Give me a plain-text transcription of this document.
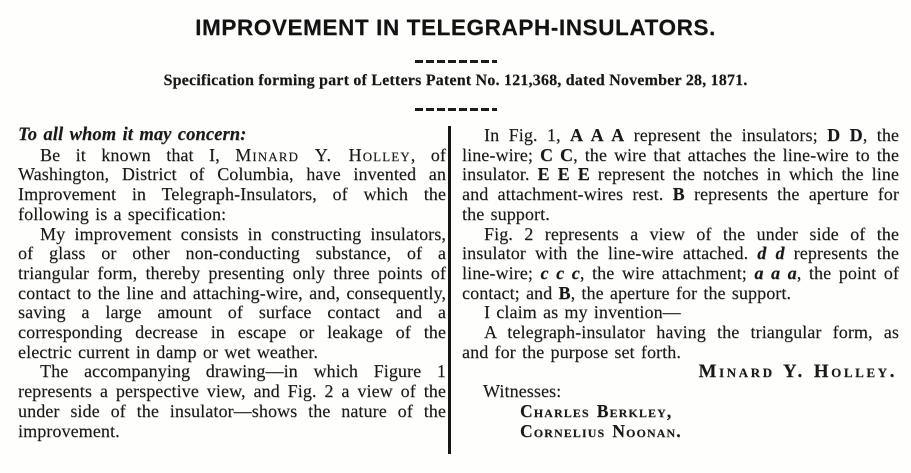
IMPROVEMENT IN TELEGRAPH-INSULATORS.

Specification forming part of Letters Patent No. 121,368, dated November 28, 1871.

To all whom it may concern:

Be it known that I, Minard Y. Holley, of Washington, District of Columbia, have invented an Improvement in Telegraph-Insulators, of which the following is a specification:

My improvement consists in constructing insulators, of glass or other non-conducting substance, of a triangular form, thereby presenting only three points of contact to the line and attaching-wire, and, consequently, saving a large amount of surface contact and a corresponding decrease in escape or leakage of the electric current in damp or wet weather.

The accompanying drawing—in which Figure 1 represents a perspective view, and Fig. 2 a view of the under side of the insulator—shows the nature of the improvement.

In Fig. 1, A A A represent the insulators; D D, the line-wire; C C, the wire that attaches the line-wire to the insulator. E E E represent the notches in which the line and attachment-wires rest. B represents the aperture for the support.

Fig. 2 represents a view of the under side of the insulator with the line-wire attached. d d represents the line-wire; c c c, the wire attachment; a a a, the point of contact; and B, the aperture for the support.

I claim as my invention—

A telegraph-insulator having the triangular form, as and for the purpose set forth.

Minard Y. Holley.

Witnesses:

Charles Berkley,

Cornelius Noonan.
